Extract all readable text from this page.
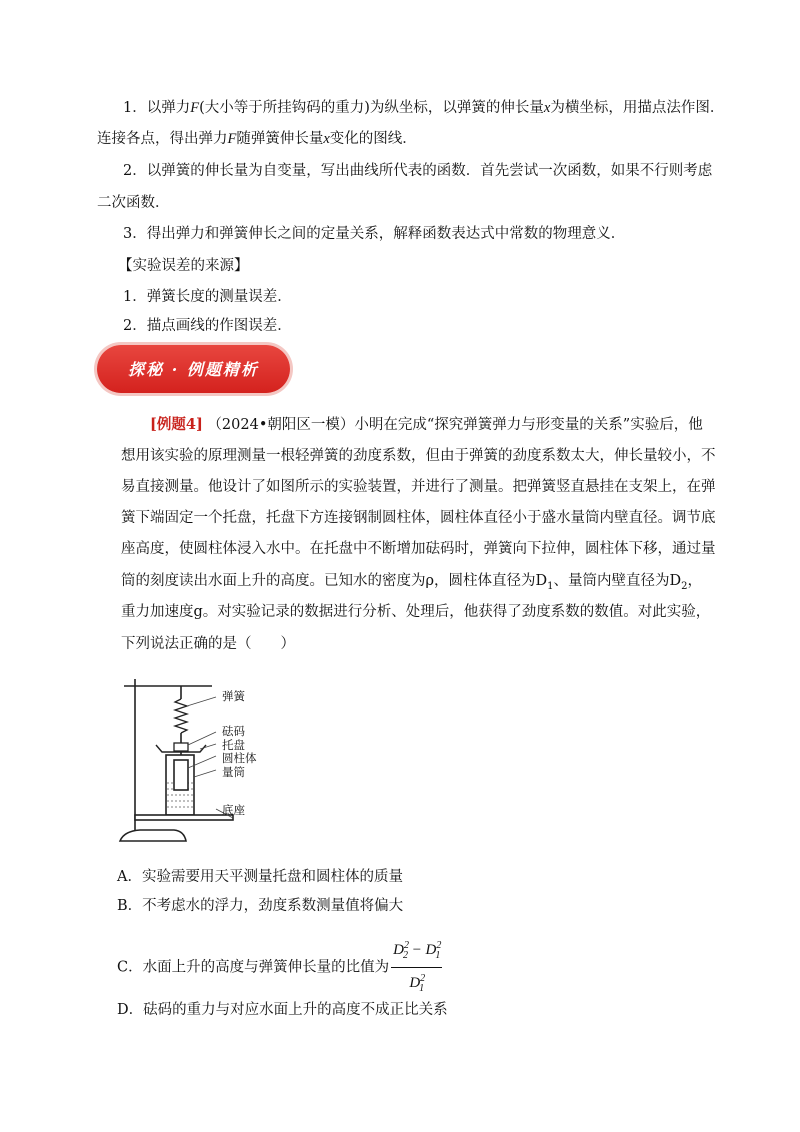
1．以弹力F(大小等于所挂钩码的重力)为纵坐标，以弹簧的伸长量x为横坐标，用描点法作图．
连接各点，得出弹力F随弹簧伸长量x变化的图线．
2．以弹簧的伸长量为自变量，写出曲线所代表的函数．首先尝试一次函数，如果不行则考虑
二次函数．
3．得出弹力和弹簧伸长之间的定量关系，解释函数表达式中常数的物理意义．
【实验误差的来源】
1．弹簧长度的测量误差．
2．描点画线的作图误差．
探秘 · 例题精析
[例题4] （2024•朝阳区一模）小明在完成“探究弹簧弹力与形变量的关系”实验后，他
想用该实验的原理测量一根轻弹簧的劲度系数，但由于弹簧的劲度系数太大，伸长量较小，不
易直接测量。他设计了如图所示的实验装置，并进行了测量。把弹簧竖直悬挂在支架上，在弹
簧下端固定一个托盘，托盘下方连接钢制圆柱体，圆柱体直径小于盛水量筒内壁直径。调节底
座高度，使圆柱体浸入水中。在托盘中不断增加砝码时，弹簧向下拉伸，圆柱体下移，通过量
筒的刻度读出水面上升的高度。已知水的密度为ρ，圆柱体直径为$D_1$、量筒内壁直径为$D_2$，
重力加速度g。对实验记录的数据进行分析、处理后，他获得了劲度系数的数值。对此实验，
下列说法正确的是（　　）
弹簧
砝码
托盘
圆柱体
量筒
底座
A．实验需要用天平测量托盘和圆柱体的质量
B．不考虑水的浮力，劲度系数测量值将偏大
C．水面上升的高度与弹簧伸长量的比值为 $\frac{D^2_2 - D^2_1}{D^2_1}$
D．砝码的重力与对应水面上升的高度不成正比关系
